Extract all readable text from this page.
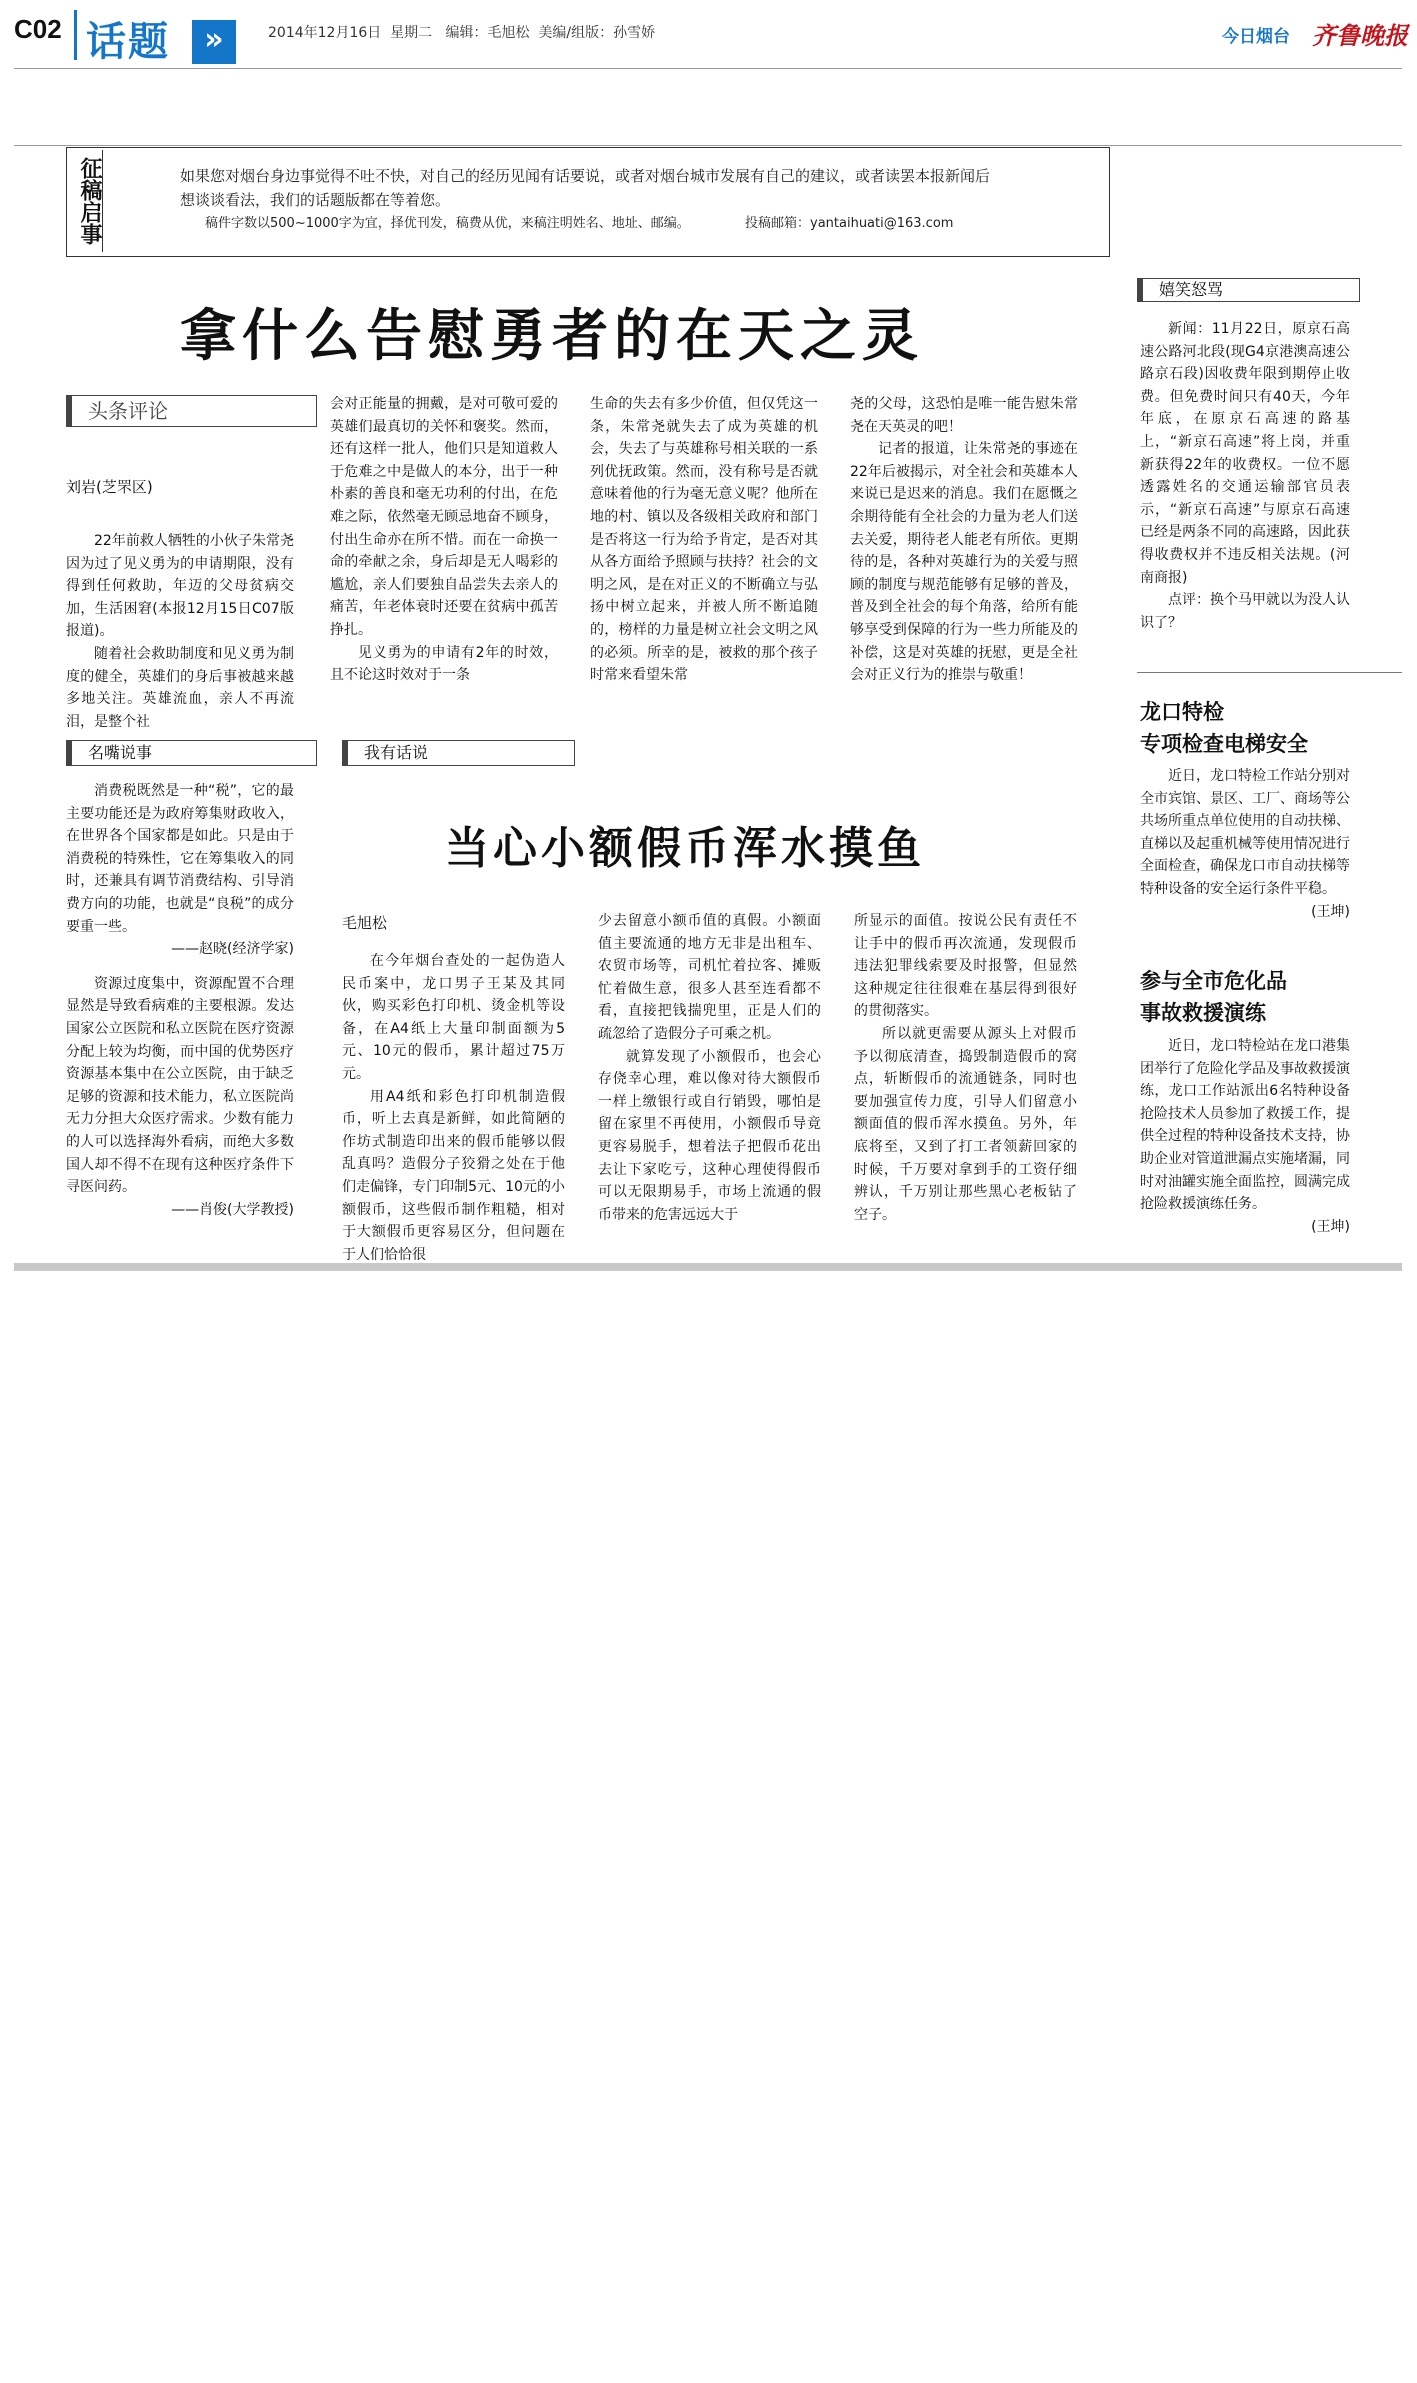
C02 话题	»	2014年12月16日  星期二   编辑：毛旭松  美编/组版：孙雪娇	今日烟台 齐鲁晚报
征稿启事	如果您对烟台身边事觉得不吐不快，对自己的经历见闻有话要说，或者对烟台城市发展有自己的建议，或者读罢本报新闻后
想谈谈看法，我们的话题版都在等着您。
稿件字数以500~1000字为宜，择优刊发，稿费从优，来稿注明姓名、地址、邮编。	投稿邮箱：yantaihuati@163.com
拿什么告慰勇者的在天之灵
头条评论
刘岩(芝罘区)

22年前救人牺牲的小伙子朱常尧因为过了见义勇为的申请期限，没有得到任何救助，年迈的父母贫病交加，生活困窘(本报12月15日C07版报道)。

随着社会救助制度和见义勇为制度的健全，英雄们的身后事被越来越多地关注。英雄流血，亲人不再流泪，是整个社

会对正能量的拥戴，是对可敬可爱的英雄们最真切的关怀和褒奖。然而，还有这样一批人，他们只是知道救人于危难之中是做人的本分，出于一种朴素的善良和毫无功利的付出，在危难之际，依然毫无顾忌地奋不顾身，付出生命亦在所不惜。而在一命换一命的牵献之余，身后却是无人喝彩的尴尬，亲人们要独自品尝失去亲人的痛苦，年老体衰时还要在贫病中孤苦挣扎。

见义勇为的申请有2年的时效，且不论这时效对于一条

生命的失去有多少价值，但仅凭这一条，朱常尧就失去了成为英雄的机会，失去了与英雄称号相关联的一系列优抚政策。然而，没有称号是否就意味着他的行为毫无意义呢？他所在地的村、镇以及各级相关政府和部门是否将这一行为给予肯定，是否对其从各方面给予照顾与扶持？社会的文明之风，是在对正义的不断确立与弘扬中树立起来，并被人所不断追随的，榜样的力量是树立社会文明之风的必须。所幸的是，被救的那个孩子时常来看望朱常

尧的父母，这恐怕是唯一能告慰朱常尧在天英灵的吧！

记者的报道，让朱常尧的事迹在22年后被揭示，对全社会和英雄本人来说已是迟来的消息。我们在愿慨之余期待能有全社会的力量为老人们送去关爱，期待老人能老有所依。更期待的是，各种对英雄行为的关爱与照顾的制度与规范能够有足够的普及，普及到全社会的每个角落，给所有能够享受到保障的行为一些力所能及的补偿，这是对英雄的抚慰，更是全社会对正义行为的推崇与敬重！

名嘴说事

消费税既然是一种“税”，它的最主要功能还是为政府筹集财政收入，在世界各个国家都是如此。只是由于消费税的特殊性，它在筹集收入的同时，还兼具有调节消费结构、引导消费方向的功能，也就是“良税”的成分要重一些。

——赵晓(经济学家)

资源过度集中，资源配置不合理显然是导致看病难的主要根源。发达国家公立医院和私立医院在医疗资源分配上较为均衡，而中国的优势医疗资源基本集中在公立医院，由于缺乏足够的资源和技术能力，私立医院尚无力分担大众医疗需求。少数有能力的人可以选择海外看病，而绝大多数国人却不得不在现有这种医疗条件下寻医问药。

——肖俊(大学教授)

我有话说
当心小额假币浑水摸鱼
毛旭松

在今年烟台查处的一起伪造人民币案中，龙口男子王某及其同伙，购买彩色打印机、烫金机等设备，在A4纸上大量印制面额为5元、10元的假币，累计超过75万元。

用A4纸和彩色打印机制造假币，听上去真是新鲜，如此简陋的作坊式制造印出来的假币能够以假乱真吗？造假分子狡猾之处在于他们走偏锋，专门印制5元、10元的小额假币，这些假币制作粗糙，相对于大额假币更容易区分，但问题在于人们恰恰很

少去留意小额币值的真假。小额面值主要流通的地方无非是出租车、农贸市场等，司机忙着拉客、摊贩忙着做生意，很多人甚至连看都不看，直接把钱揣兜里，正是人们的疏忽给了造假分子可乘之机。

就算发现了小额假币，也会心存侥幸心理，难以像对待大额假币一样上缴银行或自行销毁，哪怕是留在家里不再使用，小额假币导竟更容易脱手，想着法子把假币花出去让下家吃亏，这种心理使得假币可以无限期易手，市场上流通的假币带来的危害远远大于

所显示的面值。按说公民有责任不让手中的假币再次流通，发现假币违法犯罪线索要及时报警，但显然这种规定往往很难在基层得到很好的贯彻落实。

所以就更需要从源头上对假币予以彻底清查，捣毁制造假币的窝点，斩断假币的流通链条，同时也要加强宣传力度，引导人们留意小额面值的假币浑水摸鱼。另外，年底将至，又到了打工者领薪回家的时候，千万要对拿到手的工资仔细辨认，千万别让那些黑心老板钻了空子。

嬉笑怒骂

新闻：11月22日，原京石高速公路河北段(现G4京港澳高速公路京石段)因收费年限到期停止收费。但免费时间只有40天，今年年底，在原京石高速的路基上，“新京石高速”将上岗，并重新获得22年的收费权。一位不愿透露姓名的交通运输部官员表示，“新京石高速”与原京石高速已经是两条不同的高速路，因此获得收费权并不违反相关法规。(河南商报)

点评：换个马甲就以为没人认识了？

龙口特检
专项检查电梯安全

近日，龙口特检工作站分别对全市宾馆、景区、工厂、商场等公共场所重点单位使用的自动扶梯、直梯以及起重机械等使用情况进行全面检查，确保龙口市自动扶梯等特种设备的安全运行条件平稳。

(王坤)

参与全市危化品
事故救援演练

近日，龙口特检站在龙口港集团举行了危险化学品及事故救援演练，龙口工作站派出6名特种设备抢险技术人员参加了救援工作，提供全过程的特种设备技术支持，协助企业对管道泄漏点实施堵漏，同时对油罐实施全面监控，圆满完成抢险救援演练任务。

(王坤)
